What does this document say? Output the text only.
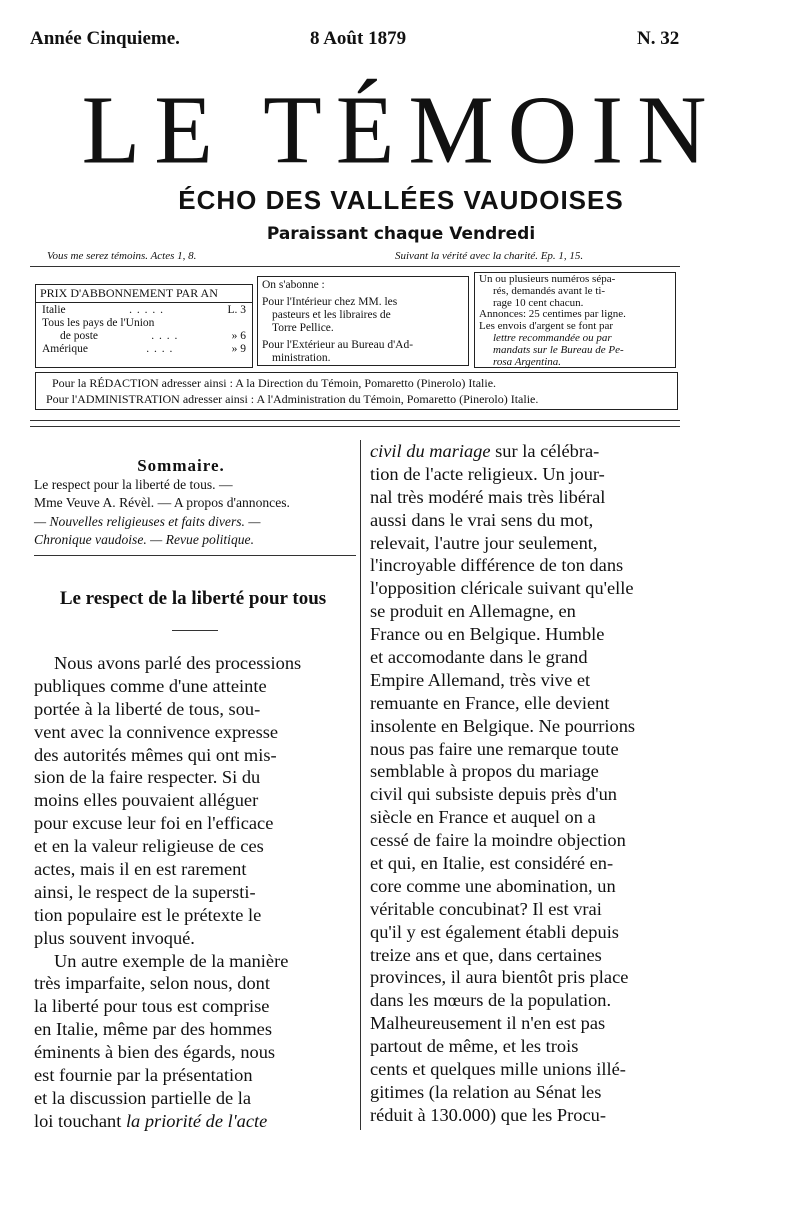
Année Cinquieme.	8 Août 1879	N. 32
LE TÉMOIN
ÉCHO DES VALLÉES VAUDOISES
Paraissant chaque Vendredi
Vous me serez témoins. Actes 1, 8.	Suivant la vérité avec la charité. Ep. 1, 15.
PRIX D'ABBONNEMENT PAR AN
Italie	. . . . .	L. 3
Tous les pays de l'Union
de poste	. . . .	» 6
Amérique	. . . .	» 9
On s'abonne :
Pour l'Intérieur chez MM. les
pasteurs et les libraires de
Torre Pellice.
Pour l'Extérieur au Bureau d'Ad-
ministration.
Un ou plusieurs numéros sépa-
rés, demandés avant le ti-
rage 10 cent chacun.
Annonces: 25 centimes par ligne.
Les envois d'argent se font par
lettre recommandée ou par
mandats sur le Bureau de Pe-
rosa Argentina.
Pour la RÉDACTION adresser ainsi : A la Direction du Témoin, Pomaretto (Pinerolo) Italie.
Pour l'ADMINISTRATION adresser ainsi : A l'Administration du Témoin, Pomaretto (Pinerolo) Italie.
Sommaire.
Le respect pour la liberté de tous. —
Mme Veuve A. Révèl. — A propos d'annonces.
— Nouvelles religieuses et faits divers. —
Chronique vaudoise. — Revue politique.
Le respect de la liberté pour tous
Nous avons parlé des processions
publiques comme d'une atteinte
portée à la liberté de tous, sou-
vent avec la connivence expresse
des autorités mêmes qui ont mis-
sion de la faire respecter. Si du
moins elles pouvaient alléguer
pour excuse leur foi en l'efficace
et en la valeur religieuse de ces
actes, mais il en est rarement
ainsi, le respect de la supersti-
tion populaire est le prétexte le
plus souvent invoqué.
Un autre exemple de la manière
très imparfaite, selon nous, dont
la liberté pour tous est comprise
en Italie, même par des hommes
éminents à bien des égards, nous
est fournie par la présentation
et la discussion partielle de la
loi touchant la priorité de l'acte
civil du mariage sur la célébra-
tion de l'acte religieux. Un jour-
nal très modéré mais très libéral
aussi dans le vrai sens du mot,
relevait, l'autre jour seulement,
l'incroyable différence de ton dans
l'opposition cléricale suivant qu'elle
se produit en Allemagne, en
France ou en Belgique. Humble
et accomodante dans le grand
Empire Allemand, très vive et
remuante en France, elle devient
insolente en Belgique. Ne pourrions
nous pas faire une remarque toute
semblable à propos du mariage
civil qui subsiste depuis près d'un
siècle en France et auquel on a
cessé de faire la moindre objection
et qui, en Italie, est considéré en-
core comme une abomination, un
véritable concubinat? Il est vrai
qu'il y est également établi depuis
treize ans et que, dans certaines
provinces, il aura bientôt pris place
dans les mœurs de la population.
Malheureusement il n'en est pas
partout de même, et les trois
cents et quelques mille unions illé-
gitimes (la relation au Sénat les
réduit à 130.000) que les Procu-
